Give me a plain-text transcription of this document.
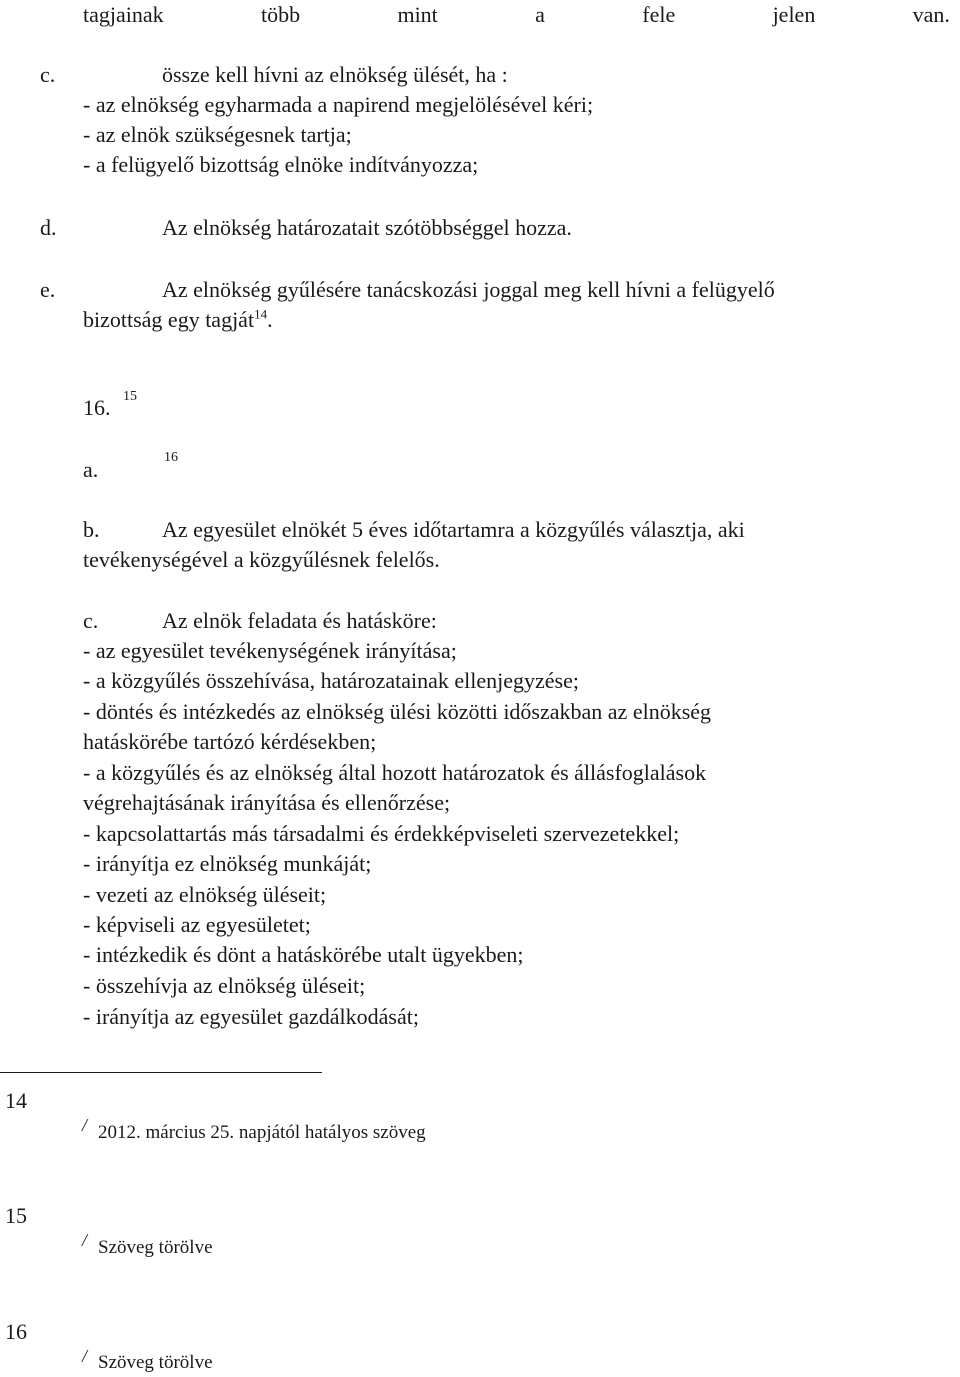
tagjainak	több	mint	a	fele	jelen	van.
c.	össze kell hívni az elnökség ülését, ha :
- az elnökség egyharmada a napirend megjelölésével kéri;
- az elnök szükségesnek tartja;
- a felügyelő bizottság elnöke indítványozza;
d.	Az elnökség határozatait szótöbbséggel hozza.
e.	Az elnökség gyűlésére tanácskozási joggal meg kell hívni a felügyelő
bizottság egy tagját$^{14}$.
16. 15
a.	16
b.	Az egyesület elnökét 5 éves időtartamra a közgyűlés választja, aki
tevékenységével a közgyűlésnek felelős.
c.	Az elnök feladata és hatásköre:
- az egyesület tevékenységének irányítása;
- a közgyűlés összehívása, határozatainak ellenjegyzése;
- döntés és intézkedés az elnökség ülési közötti időszakban az elnökség
hatáskörébe tartózó kérdésekben;
- a közgyűlés és az elnökség által hozott határozatok és állásfoglalások
végrehajtásának irányítása és ellenőrzése;
- kapcsolattartás más társadalmi és érdekképviseleti szervezetekkel;
- irányítja ez elnökség munkáját;
- vezeti az elnökség üléseit;
- képviseli az egyesületet;
- intézkedik és dönt a hatáskörébe utalt ügyekben;
- összehívja az elnökség üléseit;
- irányítja az egyesület gazdálkodását;
14
/ 2012. március 25. napjától hatályos szöveg
15
/ Szöveg törölve
16
/ Szöveg törölve
